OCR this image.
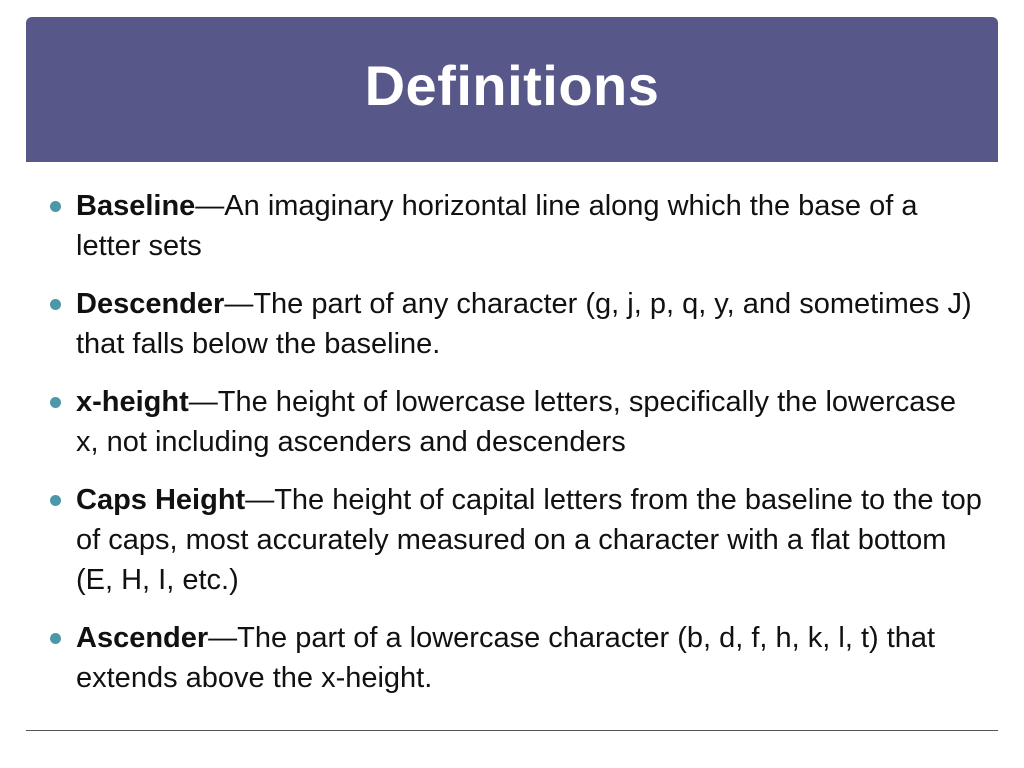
Definitions
Baseline—An imaginary horizontal line along which the base of a letter sets
Descender—The part of any character (g, j, p, q, y, and sometimes J) that falls below the baseline.
x-height—The height of lowercase letters, specifically the lowercase x, not including ascenders and descenders
Caps Height—The height of capital letters from the baseline to the top of caps, most accurately measured on a character with a flat bottom (E, H, I, etc.)
Ascender—The part of a lowercase character (b, d, f, h, k, l, t) that extends above the x-height.
